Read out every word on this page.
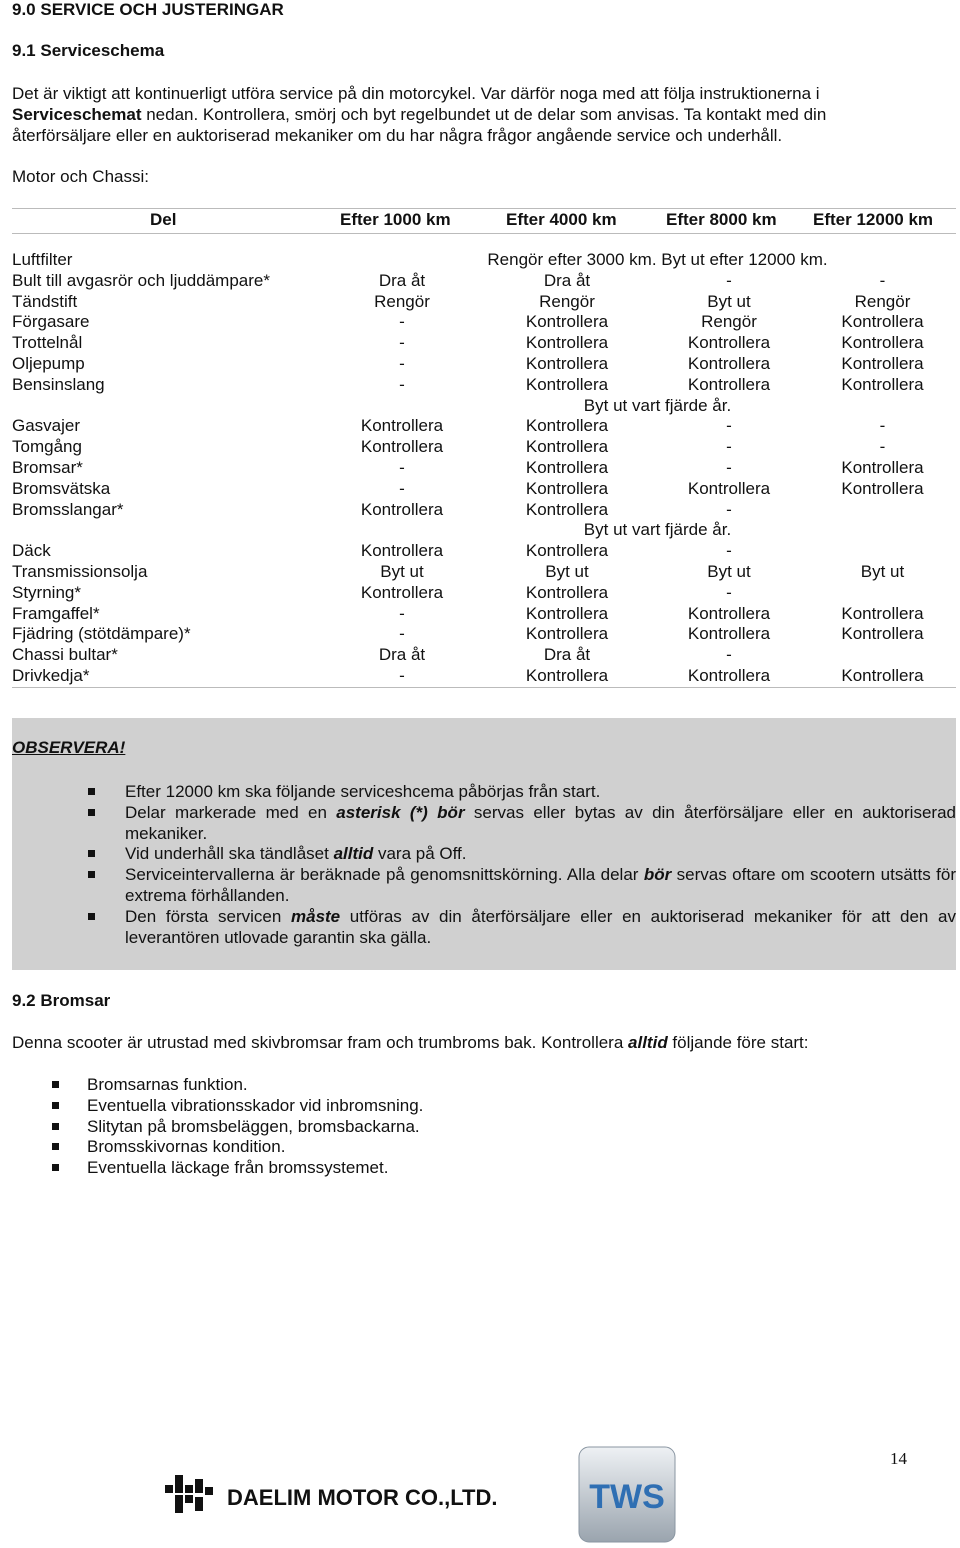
9.0 SERVICE OCH JUSTERINGAR
9.1 Serviceschema

Det är viktigt att kontinuerligt utföra service på din motorcykel. Var därför noga med att följa instruktionerna i

Serviceschemat nedan. Kontrollera, smörj och byt regelbundet ut de delar som anvisas. Ta kontakt med din

återförsäljare eller en auktoriserad mekaniker om du har några frågor angående service och underhåll.

Motor och Chassi:
Del	Efter 1000 km	Efter 4000 km	Efter 8000 km Efter 12000 km
Luftfilter	Rengör efter 3000 km. Byt ut efter 12000 km.			
Bult till avgasrör och ljuddämpare*	Dra åt	Dra åt	-	-
Tändstift	Rengör	Rengör	Byt ut	Rengör
Förgasare	-	Kontrollera	Rengör	Kontrollera
Trottelnål	-	Kontrollera	Kontrollera	Kontrollera
Oljepump	-	Kontrollera	Kontrollera	Kontrollera
Bensinslang	-	Kontrollera	Kontrollera	Kontrollera
	Byt ut vart fjärde år.			
Gasvajer	Kontrollera	Kontrollera	-	-
Tomgång	Kontrollera	Kontrollera	-	-
Bromsar*	-	Kontrollera	-	Kontrollera
Bromsvätska	-	Kontrollera	Kontrollera	Kontrollera
Bromsslangar*	Kontrollera	Kontrollera	-	
	Byt ut vart fjärde år.			
Däck	Kontrollera	Kontrollera	-	
Transmissionsolja	Byt ut	Byt ut	Byt ut	Byt ut
Styrning*	Kontrollera	Kontrollera	-	
Framgaffel*	-	Kontrollera	Kontrollera	Kontrollera
Fjädring (stötdämpare)*	-	Kontrollera	Kontrollera	Kontrollera
Chassi bultar*	Dra åt	Dra åt	-	
Drivkedja*	-	Kontrollera	Kontrollera	Kontrollera
OBSERVERA!
Efter 12000 km ska följande serviceshcema påbörjas från start.
Delar markerade med en asterisk (*) bör servas eller bytas av din återförsäljare eller en auktoriserad mekaniker.
Vid underhåll ska tändlåset alltid vara på Off.
Serviceintervallerna är beräknade på genomsnittskörning. Alla delar bör servas oftare om scootern utsätts för extrema förhållanden.
Den första servicen måste utföras av din återförsäljare eller en auktoriserad mekaniker för att den av leverantören utlovade garantin ska gälla.
9.2 Bromsar
Denna scooter är utrustad med skivbromsar fram och trumbroms bak. Kontrollera alltid följande före start:
Bromsarnas funktion.
Eventuella vibrationsskador vid inbromsning.
Slitytan på bromsbeläggen, bromsbackarna.
Bromsskivornas kondition.
Eventuella läckage från bromssystemet.
14
DAELIM MOTOR CO.,LTD.	TWS
